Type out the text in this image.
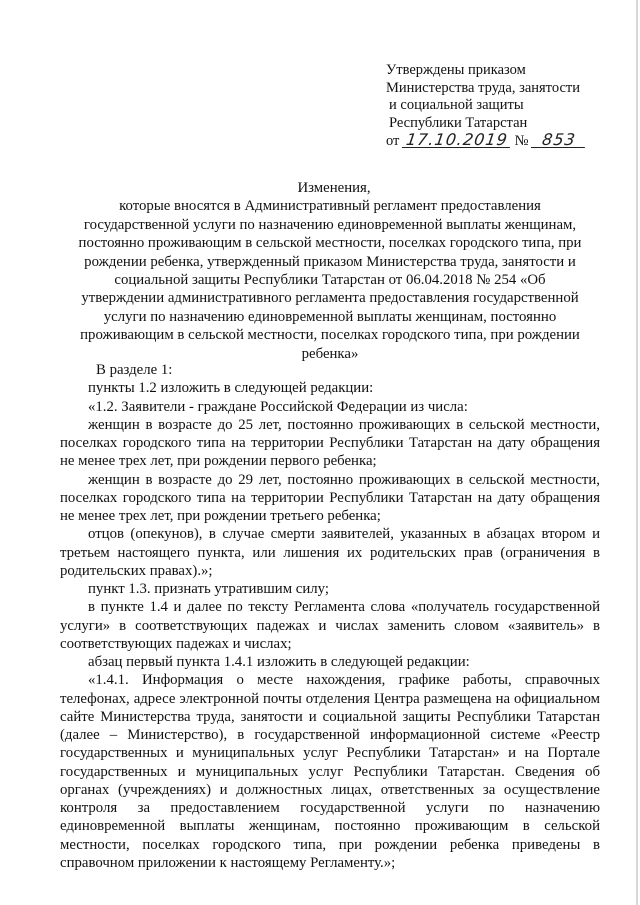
Утверждены приказом
Министерства труда, занятости
и социальной защиты
Республики Татарстан
от 17.10.2019 № 853
Изменения,
которые вносятся в Административный регламент предоставления
государственной услуги по назначению единовременной выплаты женщинам,
постоянно проживающим в сельской местности, поселках городского типа, при
рождении ребенка, утвержденный приказом Министерства труда, занятости и
социальной защиты Республики Татарстан от 06.04.2018 № 254 «Об
утверждении административного регламента предоставления государственной
услуги по назначению единовременной выплаты женщинам, постоянно
проживающим в сельской местности, поселках городского типа, при рождении
ребенка»

В разделе 1:

пункты 1.2 изложить в следующей редакции:

«1.2. Заявители - граждане Российской Федерации из числа:

женщин в возрасте до 25 лет, постоянно проживающих в сельской местности, поселках городского типа на территории Республики Татарстан на дату обращения не менее трех лет, при рождении первого ребенка;

женщин в возрасте до 29 лет, постоянно проживающих в сельской местности, поселках городского типа на территории Республики Татарстан на дату обращения не менее трех лет, при рождении третьего ребенка;

отцов (опекунов), в случае смерти заявителей, указанных в абзацах втором и третьем настоящего пункта, или лишения их родительских прав (ограничения в родительских правах).»;

пункт 1.3. признать утратившим силу;

в пункте 1.4 и далее по тексту Регламента слова «получатель государственной услуги» в соответствующих падежах и числах заменить словом «заявитель» в соответствующих падежах и числах;

абзац первый пункта 1.4.1 изложить в следующей редакции:

«1.4.1. Информация о месте нахождения, графике работы, справочных телефонах, адресе электронной почты отделения Центра размещена на официальном сайте Министерства труда, занятости и социальной защиты Республики Татарстан (далее – Министерство), в государственной информационной системе «Реестр государственных и муниципальных услуг Республики Татарстан» и на Портале государственных и муниципальных услуг Республики Татарстан. Сведения об органах (учреждениях) и должностных лицах, ответственных за осуществление контроля за предоставлением государственной услуги по назначению единовременной выплаты женщинам, постоянно проживающим в сельской местности, поселках городского типа, при рождении ребенка приведены в справочном приложении к настоящему Регламенту.»;
